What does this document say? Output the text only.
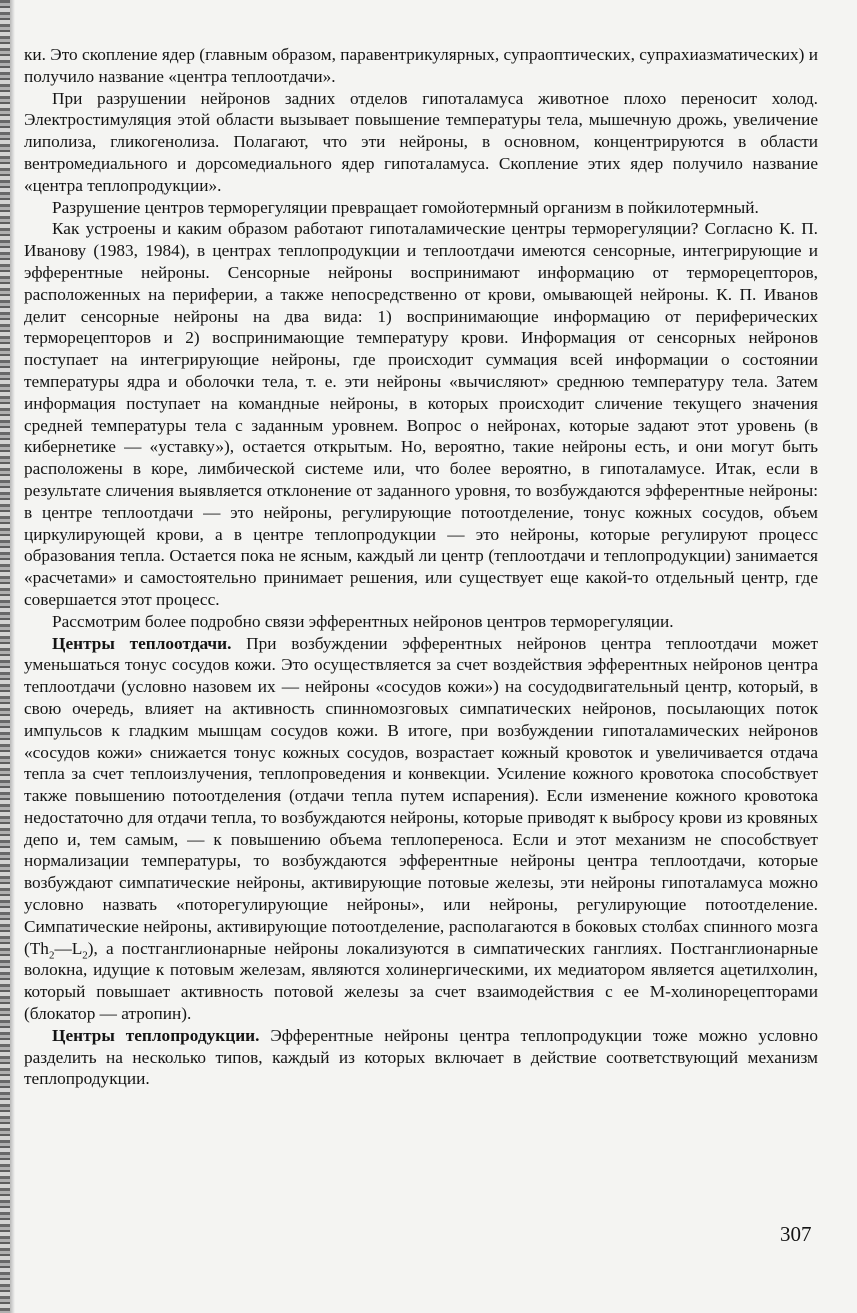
ки. Это скопление ядер (главным образом, паравентрикулярных, супраоптических, супрахиазматических) и получило название «центра теплоотдачи».

При разрушении нейронов задних отделов гипоталамуса животное плохо переносит холод. Электростимуляция этой области вызывает повышение температуры тела, мышечную дрожь, увеличение липолиза, гликогенолиза. Полагают, что эти нейроны, в основном, концентрируются в области вентромедиального и дорсомедиального ядер гипоталамуса. Скопление этих ядер получило название «центра теплопродукции».

Разрушение центров терморегуляции превращает гомойотермный организм в пойкилотермный.

Как устроены и каким образом работают гипоталамические центры терморегуляции? Согласно К. П. Иванову (1983, 1984), в центрах теплопродукции и теплоотдачи имеются сенсорные, интегрирующие и эфферентные нейроны. Сенсорные нейроны воспринимают информацию от терморецепторов, расположенных на периферии, а также непосредственно от крови, омывающей нейроны. К. П. Иванов делит сенсорные нейроны на два вида: 1) воспринимающие информацию от периферических терморецепторов и 2) воспринимающие температуру крови. Информация от сенсорных нейронов поступает на интегрирующие нейроны, где происходит суммация всей информации о состоянии температуры ядра и оболочки тела, т. е. эти нейроны «вычисляют» среднюю температуру тела. Затем информация поступает на командные нейроны, в которых происходит сличение текущего значения средней температуры тела с заданным уровнем. Вопрос о нейронах, которые задают этот уровень (в кибернетике — «уставку»), остается открытым. Но, вероятно, такие нейроны есть, и они могут быть расположены в коре, лимбической системе или, что более вероятно, в гипоталамусе. Итак, если в результате сличения выявляется отклонение от заданного уровня, то возбуждаются эфферентные нейроны: в центре теплоотдачи — это нейроны, регулирующие потоотделение, тонус кожных сосудов, объем циркулирующей крови, а в центре теплопродукции — это нейроны, которые регулируют процесс образования тепла. Остается пока не ясным, каждый ли центр (теплоотдачи и теплопродукции) занимается «расчетами» и самостоятельно принимает решения, или существует еще какой-то отдельный центр, где совершается этот процесс.

Рассмотрим более подробно связи эфферентных нейронов центров терморегуляции.

Центры теплоотдачи. При возбуждении эфферентных нейронов центра теплоотдачи может уменьшаться тонус сосудов кожи. Это осуществляется за счет воздействия эфферентных нейронов центра теплоотдачи (условно назовем их — нейроны «сосудов кожи») на сосудодвигательный центр, который, в свою очередь, влияет на активность спинномозговых симпатических нейронов, посылающих поток импульсов к гладким мышцам сосудов кожи. В итоге, при возбуждении гипоталамических нейронов «сосудов кожи» снижается тонус кожных сосудов, возрастает кожный кровоток и увеличивается отдача тепла за счет теплоизлучения, теплопроведения и конвекции. Усиление кожного кровотока способствует также повышению потоотделения (отдачи тепла путем испарения). Если изменение кожного кровотока недостаточно для отдачи тепла, то возбуждаются нейроны, которые приводят к выбросу крови из кровяных депо и, тем самым, — к повышению объема теплоперенoса. Если и этот механизм не способствует нормализации температуры, то возбуждаются эфферентные нейроны центра теплоотдачи, которые возбуждают симпатические нейроны, активирующие потовые железы, эти нейроны гипоталамуса можно условно назвать «потoрегулирующие нейроны», или нейроны, регулирующие потоотделение. Симпатические нейроны, активирующие потоотделение, располагаются в боковых столбах спинного мозга $(Th_2—L_2)$, а постганглионарные нейроны локализуются в симпатических ганглиях. Постганглионарные волокна, идущие к потовым железам, являются холинергическими, их медиатором является ацетилхолин, который повышает активность потовой железы за счет взаимодействия с ее М-холинорецепторами (блокатор — атропин).

Центры теплопродукции. Эфферентные нейроны центра теплопродукции тоже можно условно разделить на несколько типов, каждый из которых включает в действие соответствующий механизм теплопродукции.

307
